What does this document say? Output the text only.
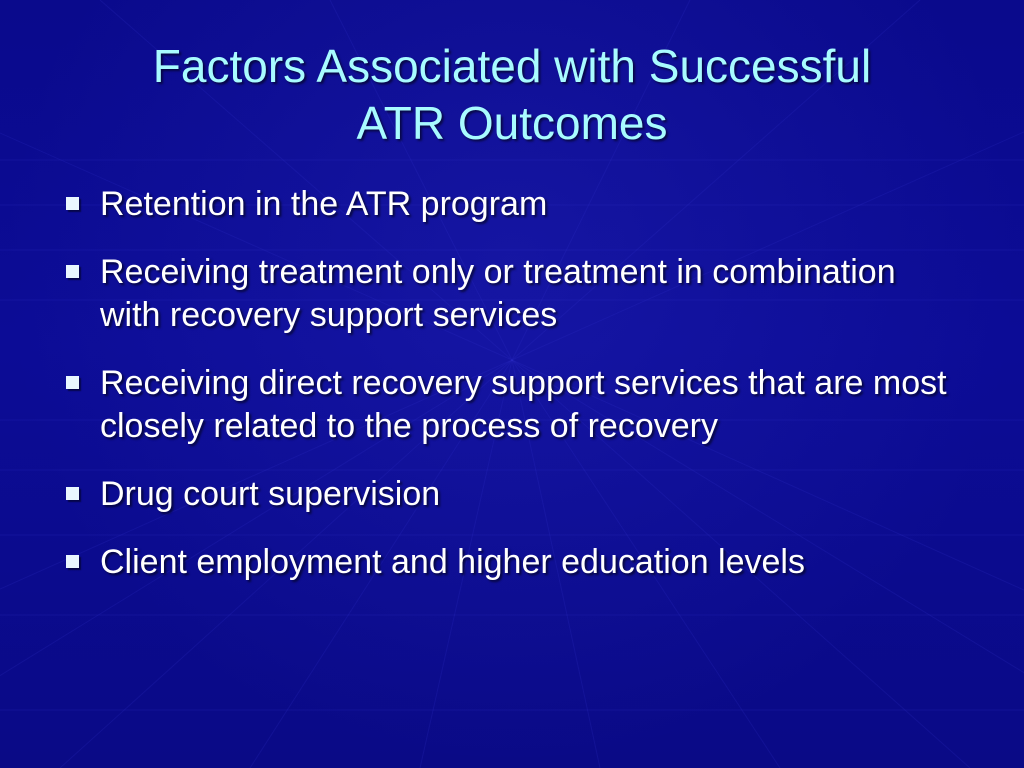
Factors Associated with Successful
ATR Outcomes
Retention in the ATR program
Receiving treatment only or treatment in combination with recovery support services
Receiving direct recovery support services that are most closely related to the process of recovery
Drug court supervision
Client employment and higher education levels
